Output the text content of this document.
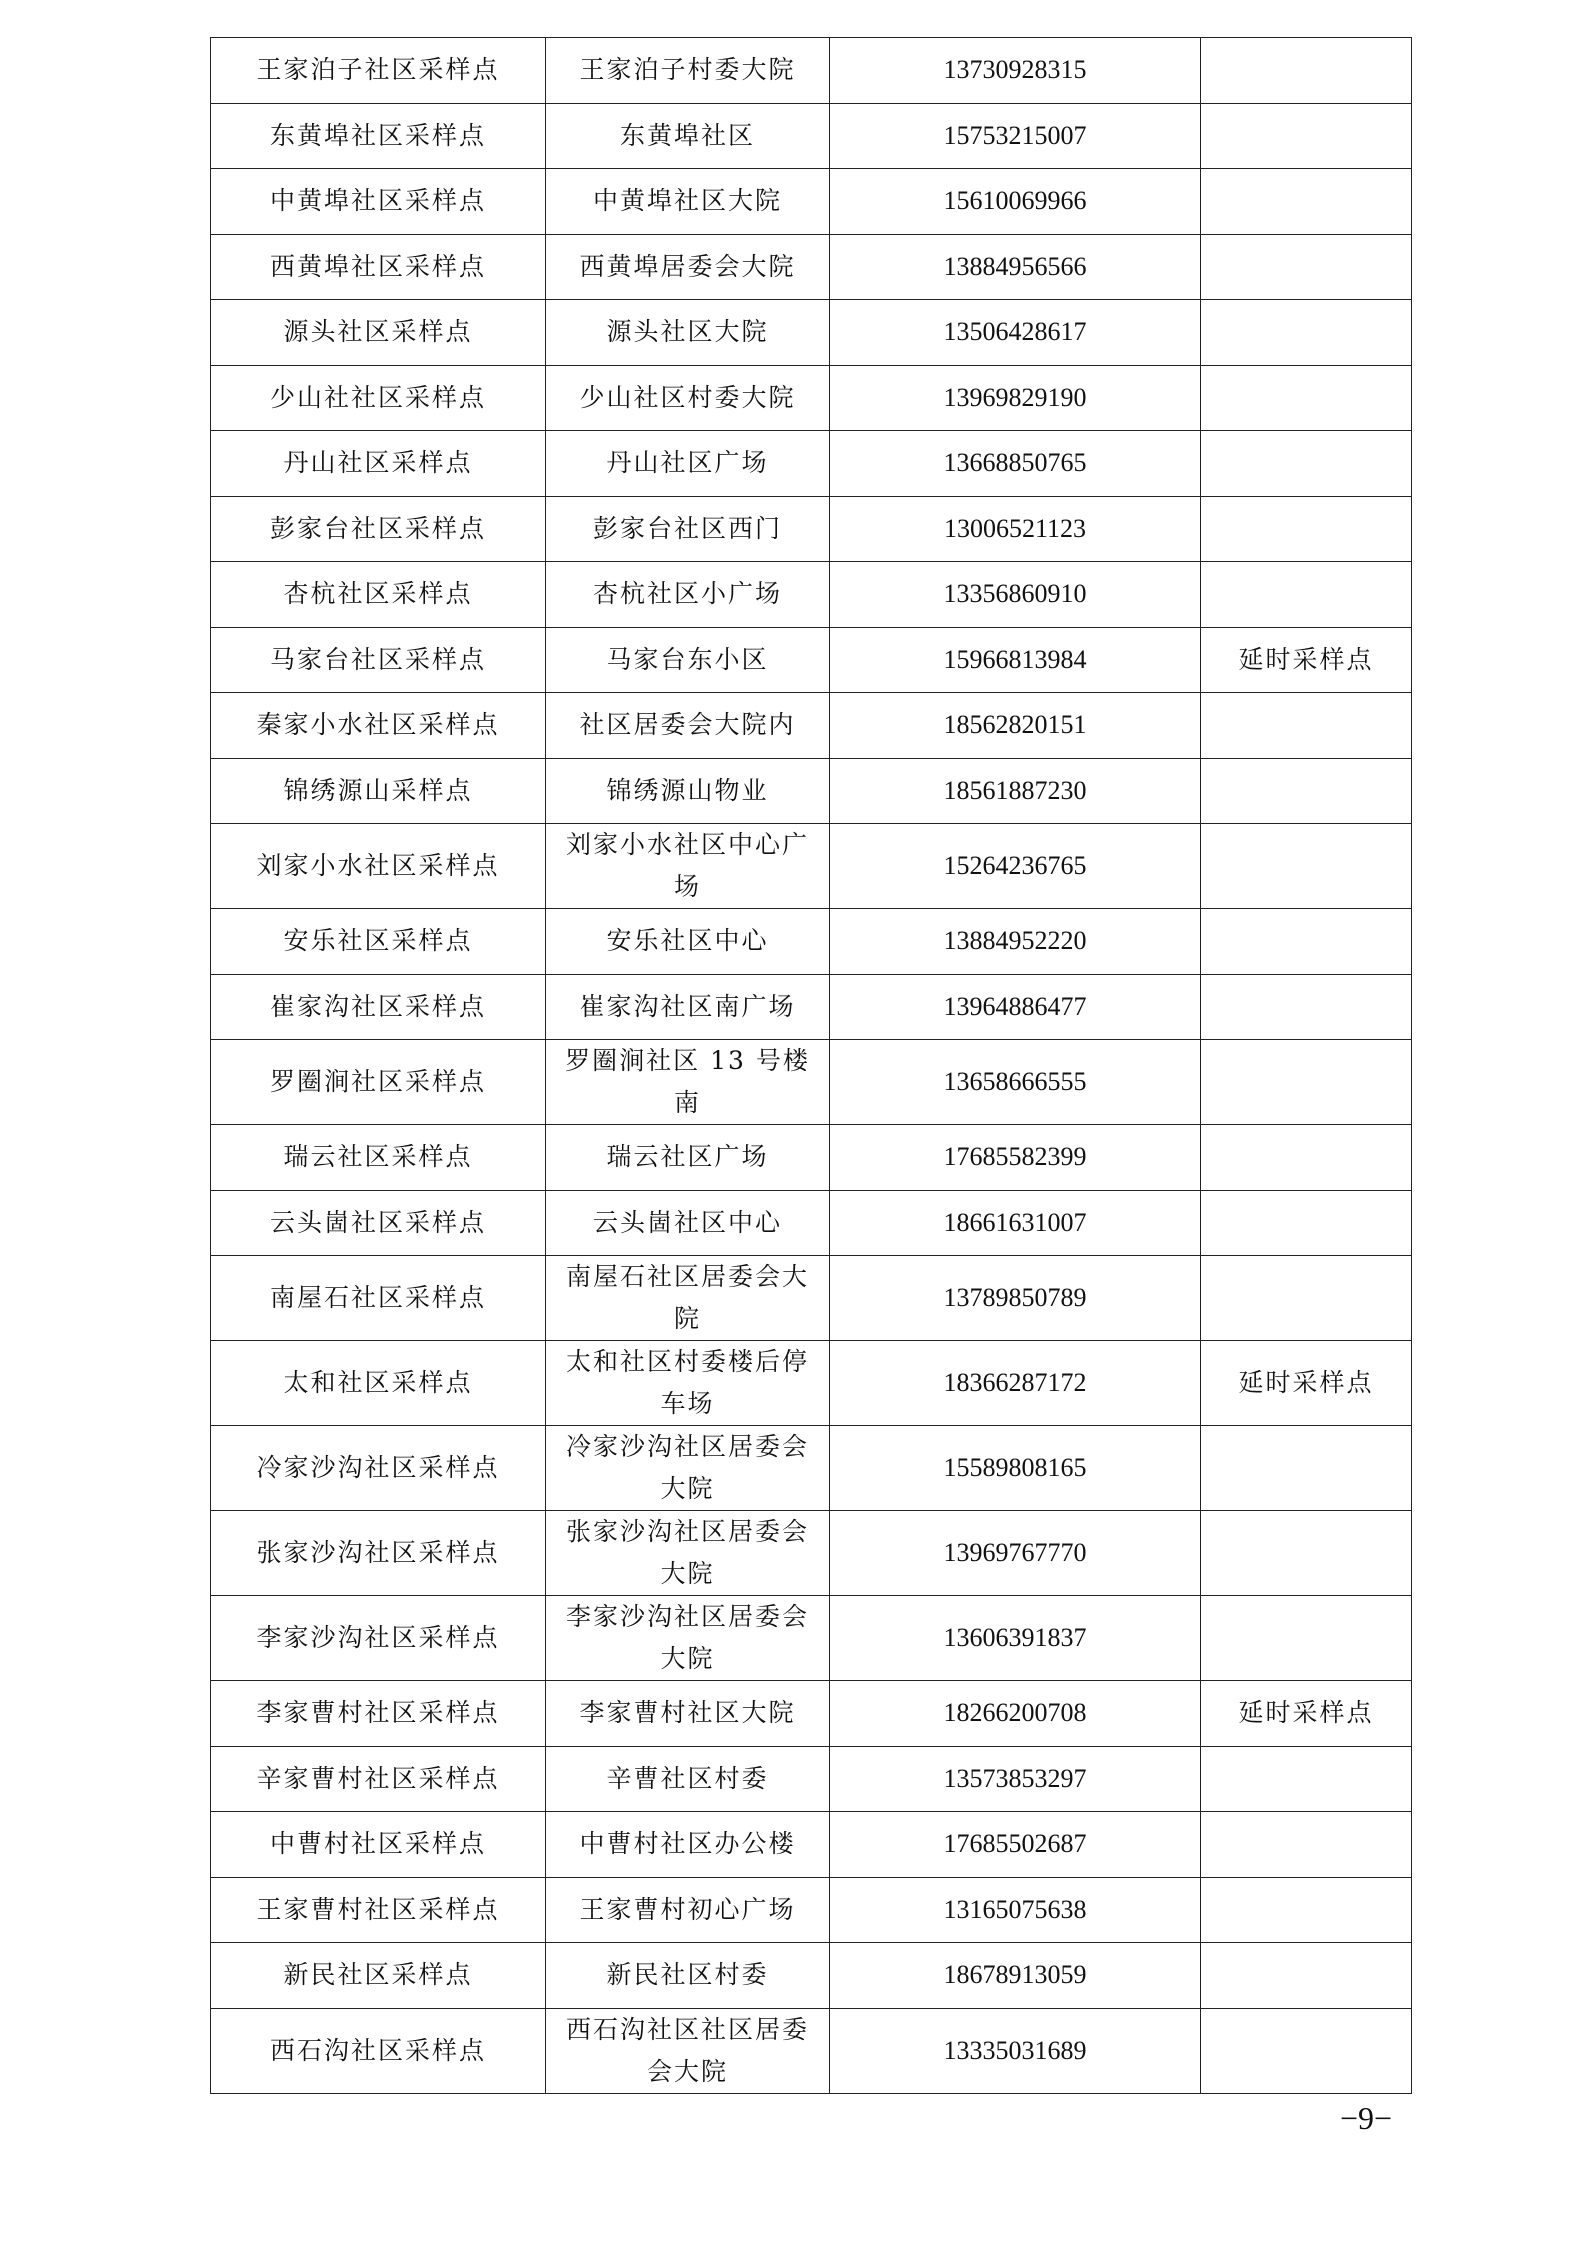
王家泊子社区采样点	王家泊子村委大院	13730928315	
东黄埠社区采样点	东黄埠社区	15753215007	
中黄埠社区采样点	中黄埠社区大院	15610069966	
西黄埠社区采样点	西黄埠居委会大院	13884956566	
源头社区采样点	源头社区大院	13506428617	
少山社社区采样点	少山社区村委大院	13969829190	
丹山社区采样点	丹山社区广场	13668850765	
彭家台社区采样点	彭家台社区西门	13006521123	
杏杭社区采样点	杏杭社区小广场	13356860910	
马家台社区采样点	马家台东小区	15966813984	延时采样点
秦家小水社区采样点	社区居委会大院内	18562820151	
锦绣源山采样点	锦绣源山物业	18561887230	
刘家小水社区采样点	刘家小水社区中心广场	15264236765	
安乐社区采样点	安乐社区中心	13884952220	
崔家沟社区采样点	崔家沟社区南广场	13964886477	
罗圈涧社区采样点	罗圈涧社区 13 号楼南	13658666555	
瑞云社区采样点	瑞云社区广场	17685582399	
云头崮社区采样点	云头崮社区中心	18661631007	
南屋石社区采样点	南屋石社区居委会大院	13789850789	
太和社区采样点	太和社区村委楼后停车场	18366287172	延时采样点
冷家沙沟社区采样点	冷家沙沟社区居委会大院	15589808165	
张家沙沟社区采样点	张家沙沟社区居委会大院	13969767770	
李家沙沟社区采样点	李家沙沟社区居委会大院	13606391837	
李家曹村社区采样点	李家曹村社区大院	18266200708	延时采样点
辛家曹村社区采样点	辛曹社区村委	13573853297	
中曹村社区采样点	中曹村社区办公楼	17685502687	
王家曹村社区采样点	王家曹村初心广场	13165075638	
新民社区采样点	新民社区村委	18678913059	
西石沟社区采样点	西石沟社区社区居委会大院	13335031689	
−9−
